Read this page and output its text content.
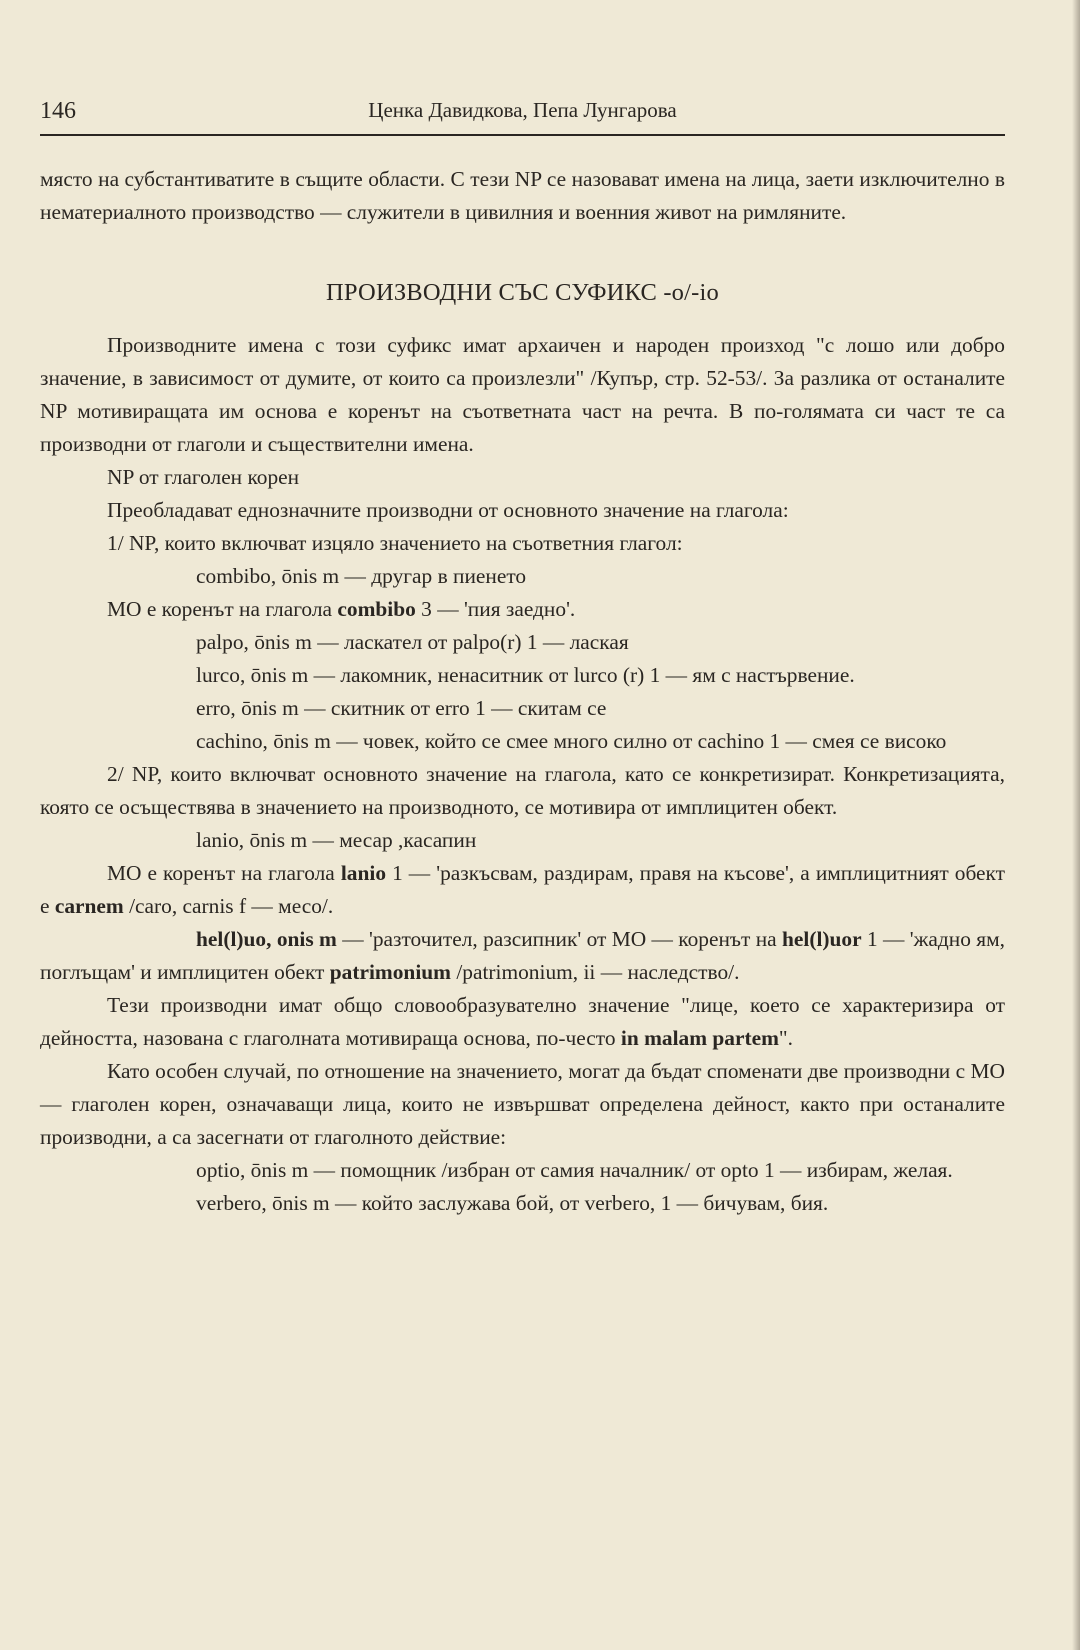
146	Ценка Давидкова, Пепа Лунгарова

място на субстантиватите в същите области. С тези NP се назовават имена на лица, заети изключително в нематериалното производство — служители в цивилния и военния живот на римляните.

ПРОИЗВОДНИ СЪС СУФИКС -o/-io

Производните имена с този суфикс имат архаичен и народен произход "с лошо или добро значение, в зависимост от думите, от които са произлезли" /Купър, стр. 52-53/. За разлика от останалите NP мотивиращата им основа е коренът на съответната част на речта. В по-голямата си част те са производни от глаголи и съществителни имена.

NP от глаголен корен

Преобладават еднозначните производни от основното значение на глагола:

1/ NP, които включват изцяло значението на съответния глагол:

combibo, ōnis m — другар в пиенето

MO е коренът на глагола combibo 3 — 'пия заедно'.

palpo, ōnis m — ласкател от palpo(r) 1 — лаская

lurco, ōnis m — лакомник, ненаситник от lurco (r) 1 — ям с настървение.

erro, ōnis m — скитник от erro 1 — скитам се

cachino, ōnis m — човек, който се смее много силно от cachino 1 — смея се високо

2/ NP, които включват основното значение на глагола, като се конкретизират. Конкретизацията, която се осъществява в значението на производното, се мотивира от имплицитен обект.

lanio, ōnis m — месар ,касапин

MO е коренът на глагола lanio 1 — 'разкъсвам, раздирам, правя на късове', а имплицитният обект е carnem /caro, carnis f — месо/.

hel(l)uo, onis m — 'разточител, разсипник' от MO — коренът на hel(l)uor 1 — 'жадно ям, поглъщам' и имплицитен обект patrimonium /patrimonium, ii — наследство/.

Тези производни имат общо словообразувателно значение "лице, което се характеризира от дейността, назована с глаголната мотивираща основа, по-често in malam partem".

Като особен случай, по отношение на значението, могат да бъдат споменати две производни с MO — глаголен корен, означаващи лица, които не извършват определена дейност, както при останалите производни, а са засегнати от глаголното действие:

optio, ōnis m — помощник /избран от самия началник/ от opto 1 — избирам, желая.

verbero, ōnis m — който заслужава бой, от verbero, 1 — бичувам, бия.
